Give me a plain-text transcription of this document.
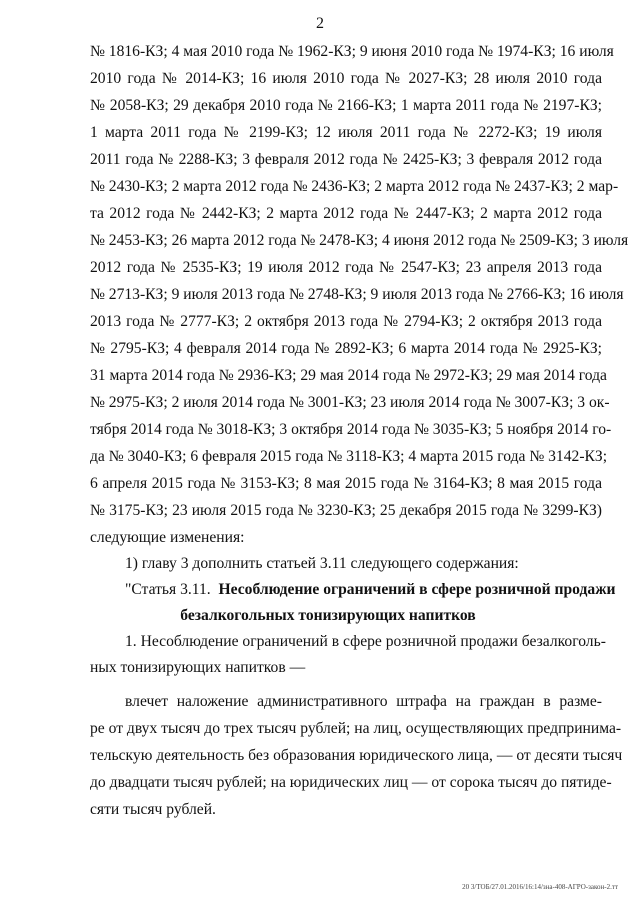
2
№ 1816-КЗ; 4 мая 2010 года № 1962-КЗ; 9 июня 2010 года № 1974-КЗ; 16 июля
2010 года № 2014-КЗ; 16 июля 2010 года № 2027-КЗ; 28 июля 2010 года
№ 2058-КЗ; 29 декабря 2010 года № 2166-КЗ; 1 марта 2011 года № 2197-КЗ;
1 марта 2011 года № 2199-КЗ; 12 июля 2011 года № 2272-КЗ; 19 июля
2011 года № 2288-КЗ; 3 февраля 2012 года № 2425-КЗ; 3 февраля 2012 года
№ 2430-КЗ; 2 марта 2012 года № 2436-КЗ; 2 марта 2012 года № 2437-КЗ; 2 мар-
та 2012 года № 2442-КЗ; 2 марта 2012 года № 2447-КЗ; 2 марта 2012 года
№ 2453-КЗ; 26 марта 2012 года № 2478-КЗ; 4 июня 2012 года № 2509-КЗ; 3 июля
2012 года № 2535-КЗ; 19 июля 2012 года № 2547-КЗ; 23 апреля 2013 года
№ 2713-КЗ; 9 июля 2013 года № 2748-КЗ; 9 июля 2013 года № 2766-КЗ; 16 июля
2013 года № 2777-КЗ; 2 октября 2013 года № 2794-КЗ; 2 октября 2013 года
№ 2795-КЗ; 4 февраля 2014 года № 2892-КЗ; 6 марта 2014 года № 2925-КЗ;
31 марта 2014 года № 2936-КЗ; 29 мая 2014 года № 2972-КЗ; 29 мая 2014 года
№ 2975-КЗ; 2 июля 2014 года № 3001-КЗ; 23 июля 2014 года № 3007-КЗ; 3 ок-
тября 2014 года № 3018-КЗ; 3 октября 2014 года № 3035-КЗ; 5 ноября 2014 го-
да № 3040-КЗ; 6 февраля 2015 года № 3118-КЗ; 4 марта 2015 года № 3142-КЗ;
6 апреля 2015 года № 3153-КЗ; 8 мая 2015 года № 3164-КЗ; 8 мая 2015 года
№ 3175-КЗ; 23 июля 2015 года № 3230-КЗ; 25 декабря 2015 года № 3299-КЗ)
следующие изменения:
1) главу 3 дополнить статьей 3.11 следующего содержания:
"Статья 3.11. Несоблюдение ограничений в сфере розничной продажи
безалкогольных тонизирующих напитков
1. Несоблюдение ограничений в сфере розничной продажи безалкоголь-
ных тонизирующих напитков —
влечет наложение административного штрафа на граждан в разме-
ре от двух тысяч до трех тысяч рублей; на лиц, осуществляющих предпринима-
тельскую деятельность без образования юридического лица, — от десяти тысяч
до двадцати тысяч рублей; на юридических лиц — от сорока тысяч до пятиде-
сяти тысяч рублей.
20 3/ТОБ/27.01.2016/16:14/зна-408-АГРО-закон-2.тт
